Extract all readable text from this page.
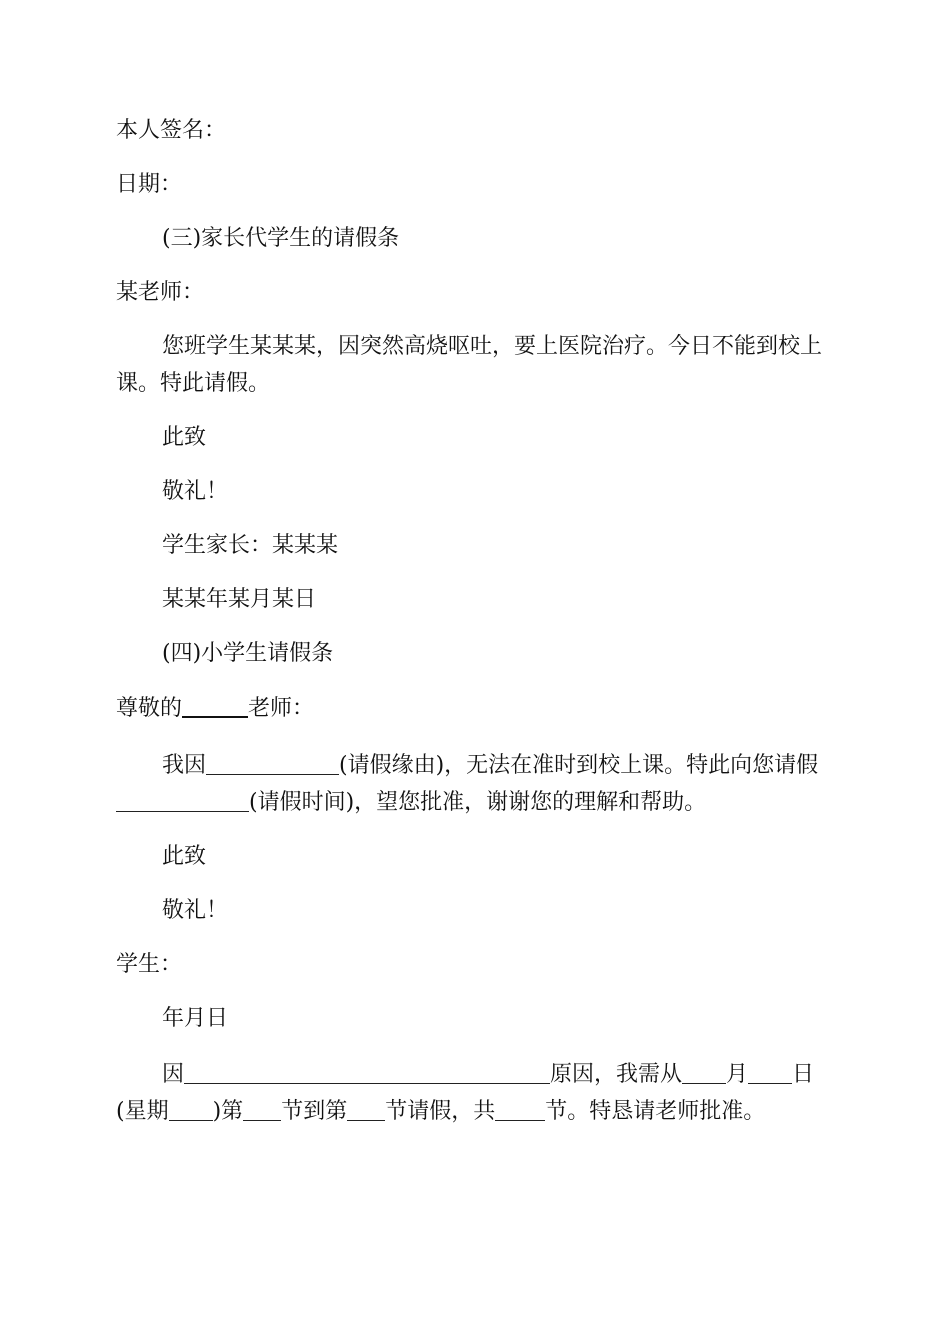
本人签名：
日期：
(三)家长代学生的请假条
某老师：
您班学生某某某，因突然高烧呕吐，要上医院治疗。今日不能到校上
课。特此请假。
此致
敬礼！
学生家长：某某某
某某年某月某日
(四)小学生请假条
尊敬的	老师：
我因	(请假缘由)，无法在准时到校上课。特此向您请假
(请假时间)，望您批准，谢谢您的理解和帮助。
此致
敬礼！
学生：
年月日
因	原因，我需从 月 日
(星期 )第 节到第 节请假，共 节。特恳请老师批准。
